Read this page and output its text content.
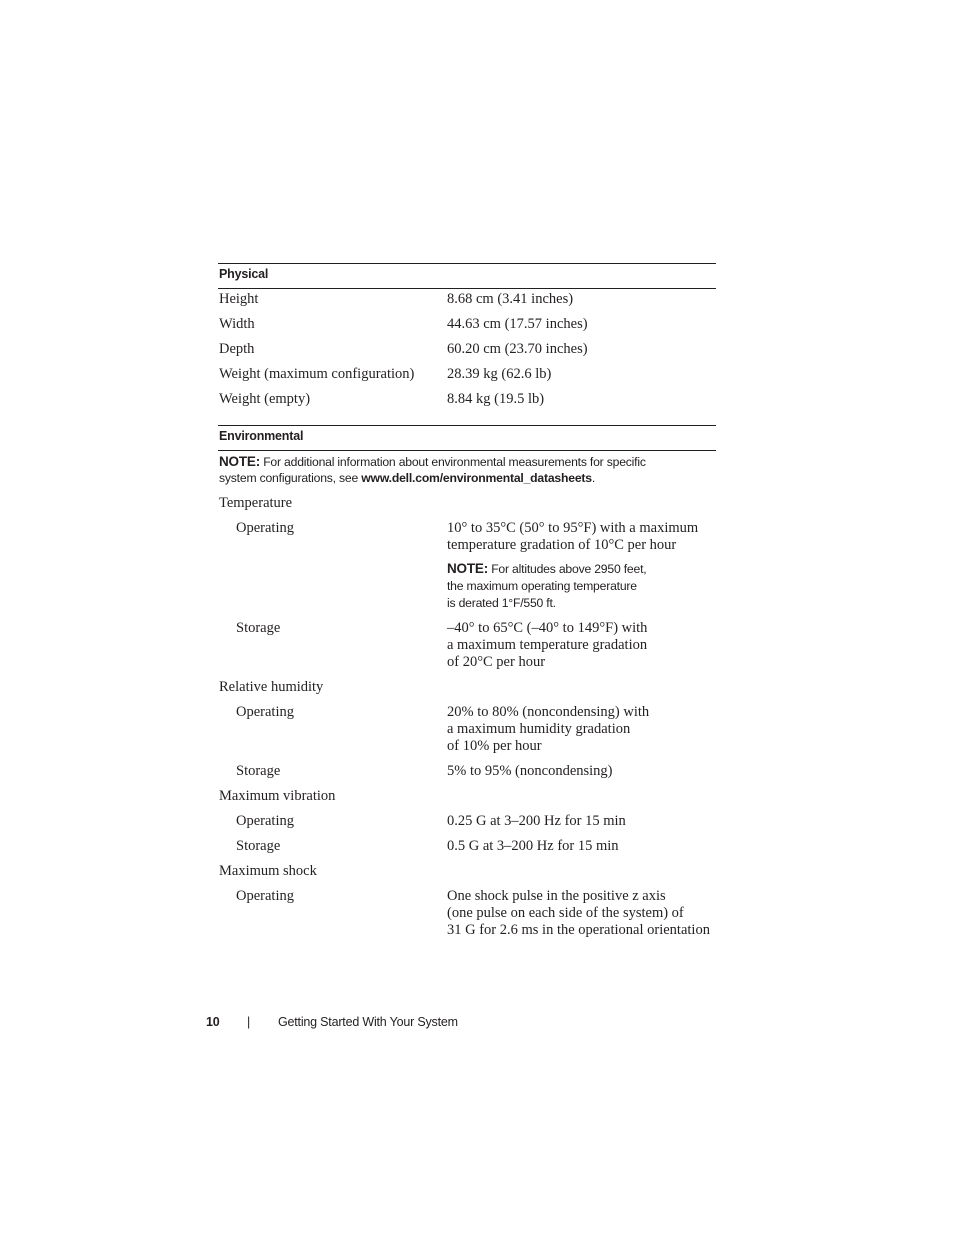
Physical
Height	8.68 cm (3.41 inches)
Width	44.63 cm (17.57 inches)
Depth	60.20 cm (23.70 inches)
Weight (maximum configuration) 28.39 kg (62.6 lb)
Weight (empty)	8.84 kg (19.5 lb)
Environmental
NOTE: For additional information about environmental measurements for specific
system configurations, see www.dell.com/environmental_datasheets.
Temperature
Operating	10° to 35°C (50° to 95°F) with a maximum
temperature gradation of 10°C per hour
NOTE: For altitudes above 2950 feet,
the maximum operating temperature
is derated 1°F/550 ft.
Storage	–40° to 65°C (–40° to 149°F) with
a maximum temperature gradation
of 20°C per hour
Relative humidity
Operating	20% to 80% (noncondensing) with
a maximum humidity gradation
of 10% per hour
Storage	5% to 95% (noncondensing)
Maximum vibration
Operating	0.25 G at 3–200 Hz for 15 min
Storage	0.5 G at 3–200 Hz for 15 min
Maximum shock
Operating	One shock pulse in the positive z axis
(one pulse on each side of the system) of
31 G for 2.6 ms in the operational orientation
10 | Getting Started With Your System
